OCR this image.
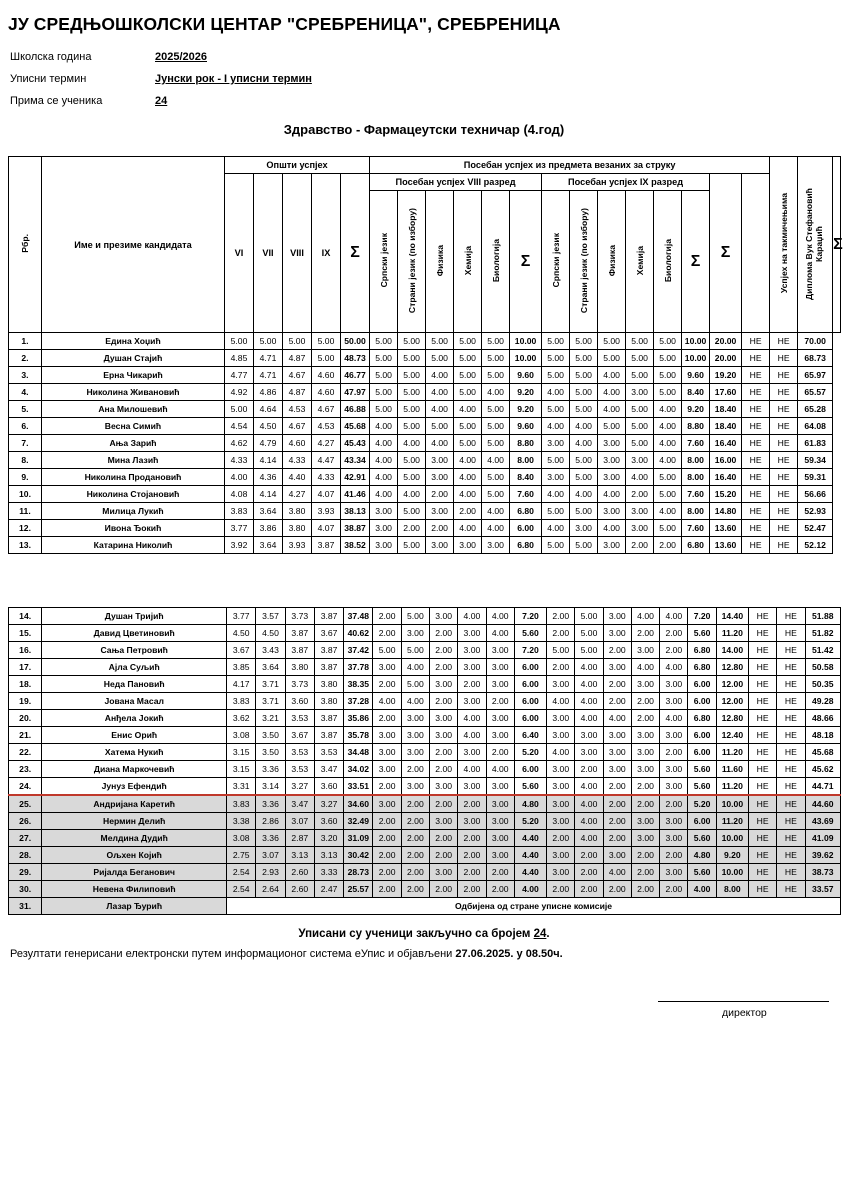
ЈУ СРЕДЊОШКОЛСКИ ЦЕНТАР "СРЕБРЕНИЦА", СРЕБРЕНИЦА
Школска година	2025/2026
Уписни термин	Јунски рок - I уписни термин
Прима се ученика	24
Здравство - Фармацеутски техничар (4.год)
Рбр.	Име и презиме кандидата	Општи успјех					Посебан успјех из предмета везаних за струку														Успјех на такмичењима	Диплома Вук Стефановић Караџић	Σ
		VI	VII	VIII	IX	Σ	Посебан успјех VIII разред						Посебан успјех IX разред						Σ				
							Српски језик	Страни језик (по избору)	Физика	Хемија	Биологија	Σ	Српски језик	Страни језик (по избору)	Физика	Хемија	Биологија	Σ					
1.	Едина Хоџић	5.00	5.00	5.00	5.00	50.00	5.00	5.00	5.00	5.00	5.00	10.00	5.00	5.00	5.00	5.00	5.00	10.00	20.00	НЕ	НЕ	70.00	
2.	Душан Стајић	4.85	4.71	4.87	5.00	48.73	5.00	5.00	5.00	5.00	5.00	10.00	5.00	5.00	5.00	5.00	5.00	10.00	20.00	НЕ	НЕ	68.73	
3.	Ерна Чикарић	4.77	4.71	4.67	4.60	46.77	5.00	5.00	4.00	5.00	5.00	9.60	5.00	5.00	4.00	5.00	5.00	9.60	19.20	НЕ	НЕ	65.97	
4.	Николина Живановић	4.92	4.86	4.87	4.60	47.97	5.00	5.00	4.00	5.00	4.00	9.20	4.00	5.00	4.00	3.00	5.00	8.40	17.60	НЕ	НЕ	65.57	
5.	Ана Милошевић	5.00	4.64	4.53	4.67	46.88	5.00	5.00	4.00	4.00	5.00	9.20	5.00	5.00	4.00	5.00	4.00	9.20	18.40	НЕ	НЕ	65.28	
6.	Весна Симић	4.54	4.50	4.67	4.53	45.68	4.00	5.00	5.00	5.00	5.00	9.60	4.00	4.00	5.00	5.00	4.00	8.80	18.40	НЕ	НЕ	64.08	
7.	Ања Зарић	4.62	4.79	4.60	4.27	45.43	4.00	4.00	4.00	5.00	5.00	8.80	3.00	4.00	3.00	5.00	4.00	7.60	16.40	НЕ	НЕ	61.83	
8.	Мина Лазић	4.33	4.14	4.33	4.47	43.34	4.00	5.00	3.00	4.00	4.00	8.00	5.00	5.00	3.00	3.00	4.00	8.00	16.00	НЕ	НЕ	59.34	
9.	Николина Продановић	4.00	4.36	4.40	4.33	42.91	4.00	5.00	3.00	4.00	5.00	8.40	3.00	5.00	3.00	4.00	5.00	8.00	16.40	НЕ	НЕ	59.31	
10.	Николина Стојановић	4.08	4.14	4.27	4.07	41.46	4.00	4.00	2.00	4.00	5.00	7.60	4.00	4.00	4.00	2.00	5.00	7.60	15.20	НЕ	НЕ	56.66	
11.	Милица Лукић	3.83	3.64	3.80	3.93	38.13	3.00	5.00	3.00	2.00	4.00	6.80	5.00	5.00	3.00	3.00	4.00	8.00	14.80	НЕ	НЕ	52.93	
12.	Ивона Ђокић	3.77	3.86	3.80	4.07	38.87	3.00	2.00	2.00	4.00	4.00	6.00	4.00	3.00	4.00	3.00	5.00	7.60	13.60	НЕ	НЕ	52.47	
13.	Катарина Николић	3.92	3.64	3.93	3.87	38.52	3.00	5.00	3.00	3.00	3.00	6.80	5.00	5.00	3.00	2.00	2.00	6.80	13.60	НЕ	НЕ	52.12	
14.	Душан Тријић	3.77	3.57	3.73	3.87	37.48	2.00	5.00	3.00	4.00	4.00	7.20	2.00	5.00	3.00	4.00	4.00	7.20	14.40	НЕ	НЕ	51.88
15.	Давид Цветиновић	4.50	4.50	3.87	3.67	40.62	2.00	3.00	2.00	3.00	4.00	5.60	2.00	5.00	3.00	2.00	2.00	5.60	11.20	НЕ	НЕ	51.82
16.	Сања Петровић	3.67	3.43	3.87	3.87	37.42	5.00	5.00	2.00	3.00	3.00	7.20	5.00	5.00	2.00	3.00	2.00	6.80	14.00	НЕ	НЕ	51.42
17.	Ајла Суљић	3.85	3.64	3.80	3.87	37.78	3.00	4.00	2.00	3.00	3.00	6.00	2.00	4.00	3.00	4.00	4.00	6.80	12.80	НЕ	НЕ	50.58
18.	Неда Пановић	4.17	3.71	3.73	3.80	38.35	2.00	5.00	3.00	2.00	3.00	6.00	3.00	4.00	2.00	3.00	3.00	6.00	12.00	НЕ	НЕ	50.35
19.	Јована Масал	3.83	3.71	3.60	3.80	37.28	4.00	4.00	2.00	3.00	2.00	6.00	4.00	4.00	2.00	2.00	3.00	6.00	12.00	НЕ	НЕ	49.28
20.	Анђела Јокић	3.62	3.21	3.53	3.87	35.86	2.00	3.00	3.00	4.00	3.00	6.00	3.00	4.00	4.00	2.00	4.00	6.80	12.80	НЕ	НЕ	48.66
21.	Енис Орић	3.08	3.50	3.67	3.87	35.78	3.00	3.00	3.00	4.00	3.00	6.40	3.00	3.00	3.00	3.00	3.00	6.00	12.40	НЕ	НЕ	48.18
22.	Хатема Нукић	3.15	3.50	3.53	3.53	34.48	3.00	3.00	2.00	3.00	2.00	5.20	4.00	3.00	3.00	3.00	2.00	6.00	11.20	НЕ	НЕ	45.68
23.	Диана Маркочевић	3.15	3.36	3.53	3.47	34.02	3.00	2.00	2.00	4.00	4.00	6.00	3.00	2.00	3.00	3.00	3.00	5.60	11.60	НЕ	НЕ	45.62
24.	Јунуз Ефендић	3.31	3.14	3.27	3.60	33.51	2.00	3.00	3.00	3.00	3.00	5.60	3.00	4.00	2.00	2.00	3.00	5.60	11.20	НЕ	НЕ	44.71
25.	Андријана Каретић	3.83	3.36	3.47	3.27	34.60	3.00	2.00	2.00	2.00	3.00	4.80	3.00	4.00	2.00	2.00	2.00	5.20	10.00	НЕ	НЕ	44.60
26.	Нермин Делић	3.38	2.86	3.07	3.60	32.49	2.00	2.00	3.00	3.00	3.00	5.20	3.00	4.00	2.00	3.00	3.00	6.00	11.20	НЕ	НЕ	43.69
27.	Мелдина Дудић	3.08	3.36	2.87	3.20	31.09	2.00	2.00	2.00	2.00	3.00	4.40	2.00	4.00	2.00	3.00	3.00	5.60	10.00	НЕ	НЕ	41.09
28.	Ољхен Којић	2.75	3.07	3.13	3.13	30.42	2.00	2.00	2.00	2.00	3.00	4.40	3.00	2.00	3.00	2.00	2.00	4.80	9.20	НЕ	НЕ	39.62
29.	Ријалда Беганович	2.54	2.93	2.60	3.33	28.73	2.00	2.00	3.00	2.00	2.00	4.40	3.00	2.00	4.00	2.00	3.00	5.60	10.00	НЕ	НЕ	38.73
30.	Невена Филиповић	2.54	2.64	2.60	2.47	25.57	2.00	2.00	2.00	2.00	2.00	4.00	2.00	2.00	2.00	2.00	2.00	4.00	8.00	НЕ	НЕ	33.57
31.	Лазар Ђурић	Одбијена од стране уписне комисије																				
Уписани су ученици закључно са бројем 24.
Резултати генерисани електронски путем информационог система еУпис и објављени 27.06.2025. у 08.50ч.
директор
